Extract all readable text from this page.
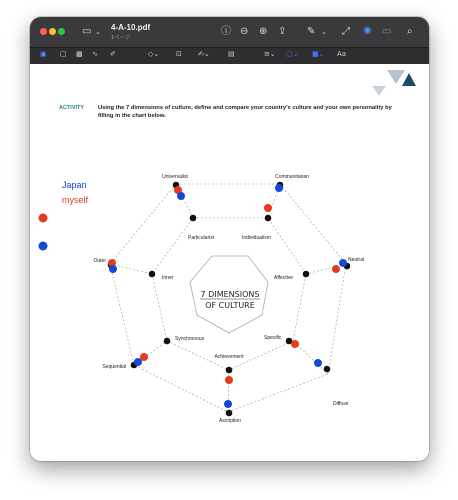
▭ ⌄ 4-A-10.pdf
1ページ
ⓘ ⊖ ⊕ ⇪ ✎ ⌄ ⤢ ◉ ▭ ⌕
▣ ▢ ▩ ∿ ✐	◇⌄ ⊡ ✍⌄	▤	≡⌄ ▢⌄ ■⌄ Aa
7 DIMENSIONS
OF CULTURE
Universalist	Communitarian
Neutral
Diffuse
Ascription
Sequential
Outer
Particularist	Individualism
Affective
Specific
Achievement
Synchronous
Inner
ACTIVITY Using the 7 dimensions of culture, define and compare your country's culture and your own personality by filling in the chart below.
Japan
myself
